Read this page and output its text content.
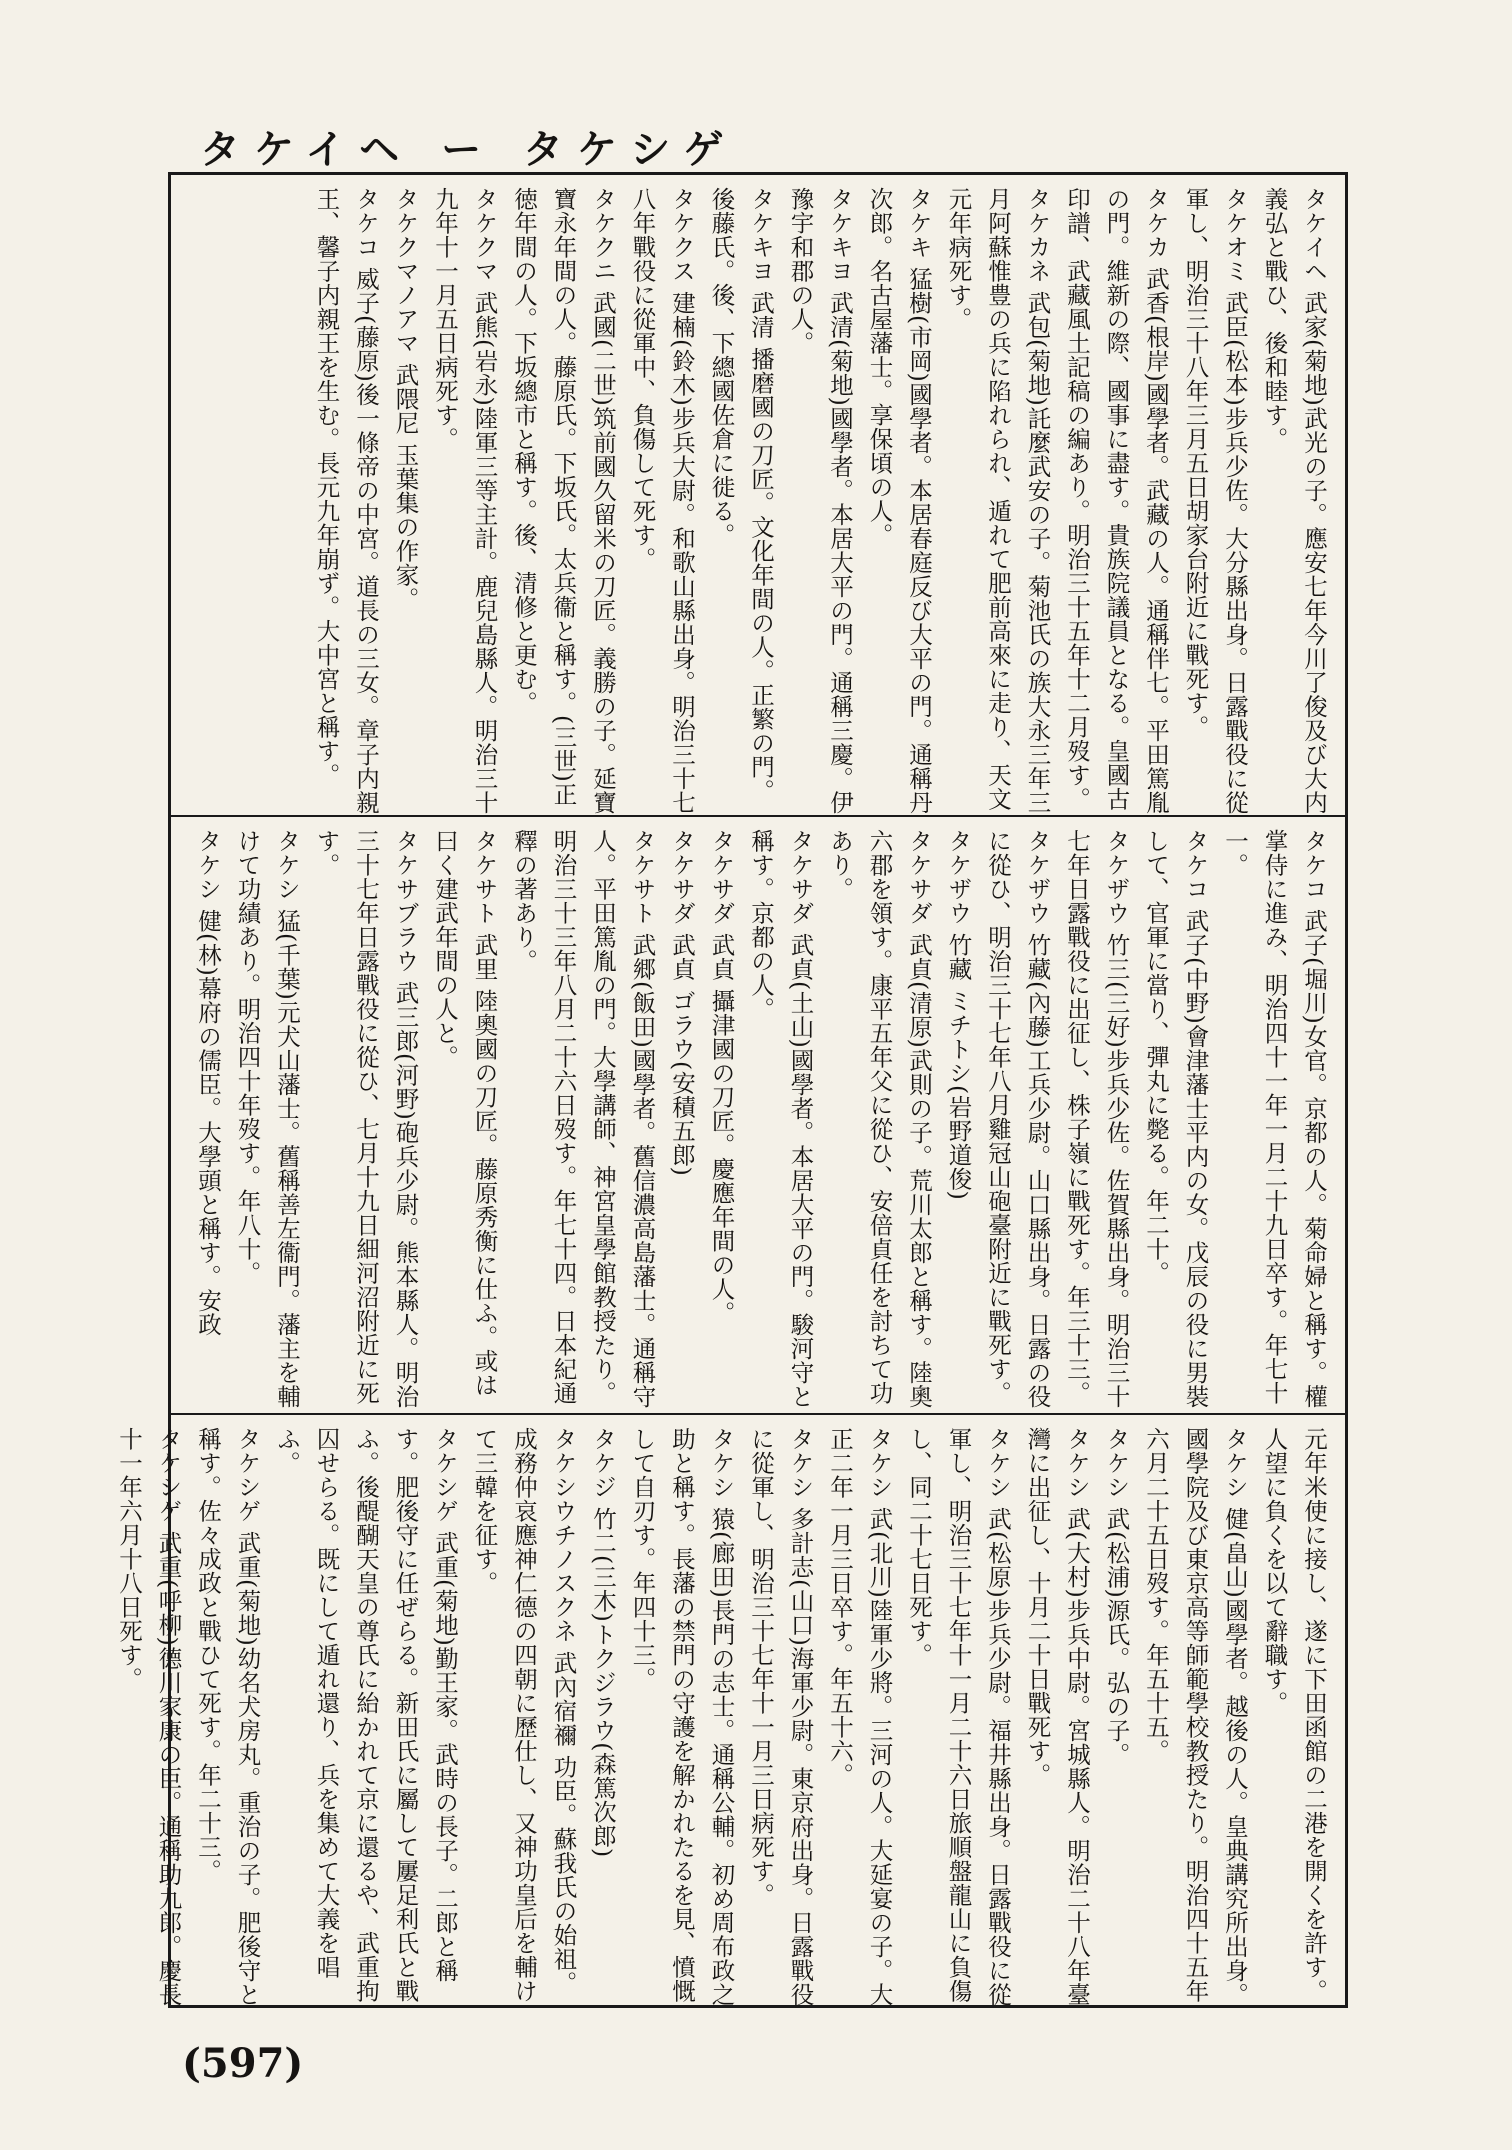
タケイヘ ー タケシゲ
タケイヘ 武家(菊地)武光の子。應安七年今川了俊及び大内義弘と戰ひ、後和睦す。
タケオミ 武臣(松本)步兵少佐。大分縣出身。日露戰役に從軍し、明治三十八年三月五日胡家台附近に戰死す。
タケカ 武香(根岸)國學者。武藏の人。通稱伴七。平田篤胤の門。維新の際、國事に盡す。貴族院議員となる。皇國古印譜、武藏風土記稿の編あり。明治三十五年十二月歿す。
タケカネ 武包(菊地)託麼武安の子。菊池氏の族大永三年三月阿蘇惟豊の兵に陷れられ、遁れて肥前高來に走り、天文元年病死す。
タケキ 猛樹(市岡)國學者。本居春庭反び大平の門。通稱丹次郎。名古屋藩士。享保頃の人。
タケキヨ 武清(菊地)國學者。本居大平の門。通稱三慶。伊豫宇和郡の人。
タケキヨ 武清 播磨國の刀匠。文化年間の人。正繁の門。後藤氏。後、下總國佐倉に徙る。
タケクス 建楠(鈴木)步兵大尉。和歌山縣出身。明治三十七八年戰役に從軍中、負傷して死す。
タケクニ 武國(二世)筑前國久留米の刀匠。義勝の子。延寶寶永年間の人。藤原氏。下坂氏。太兵衞と稱す。(三世)正徳年間の人。下坂總市と稱す。後、清修と更む。
タケクマ 武熊(岩永)陸軍三等主計。鹿兒島縣人。明治三十九年十一月五日病死す。
タケクマノアマ 武隈尼 玉葉集の作家。
タケコ 威子(藤原)後一條帝の中宮。道長の三女。章子内親王、馨子内親王を生む。長元九年崩ず。大中宮と稱す。
タケコ 武子(堀川)女官。京都の人。菊命婦と稱す。權掌侍に進み、明治四十一年一月二十九日卒す。年七十一。
タケコ 武子(中野)會津藩士平内の女。戊辰の役に男裝して、官軍に當り、彈丸に斃る。年二十。
タケザウ 竹三(三好)步兵少佐。佐賀縣出身。明治三十七年日露戰役に出征し、株子嶺に戰死す。年三十三。
タケザウ 竹藏(內藤)工兵少尉。山口縣出身。日露の役に從ひ、明治三十七年八月雞冠山砲臺附近に戰死す。
タケザウ 竹藏 ミチトシ(岩野道俊)
タケサダ 武貞(清原)武則の子。荒川太郎と稱す。陸奧六郡を領す。康平五年父に從ひ、安倍貞任を討ちて功あり。
タケサダ 武貞(土山)國學者。本居大平の門。駿河守と稱す。京都の人。
タケサダ 武貞 攝津國の刀匠。慶應年間の人。
タケサダ 武貞 ゴラウ(安積五郎)
タケサト 武郷(飯田)國學者。舊信濃高島藩士。通稱守人。平田篤胤の門。大學講師、神宮皇學館教授たり。明治三十三年八月二十六日歿す。年七十四。日本紀通釋の著あり。
タケサト 武里 陸奧國の刀匠。藤原秀衡に仕ふ。或は曰く建武年間の人と。
タケサブラウ 武三郎(河野)砲兵少尉。熊本縣人。明治三十七年日露戰役に從ひ、七月十九日細河沼附近に死す。
タケシ 猛(千葉)元犬山藩士。舊稱善左衞門。藩主を輔けて功績あり。明治四十年歿す。年八十。
タケシ 健(林)幕府の儒臣。大學頭と稱す。安政
元年米使に接し、遂に下田函館の二港を開くを許す。人望に負くを以て辭職す。
タケシ 健(畠山)國學者。越後の人。皇典講究所出身。國學院及び東京高等師範學校教授たり。明治四十五年六月二十五日歿す。年五十五。
タケシ 武(松浦)源氏。弘の子。
タケシ 武(大村)步兵中尉。宮城縣人。明治二十八年臺灣に出征し、十月二十日戰死す。
タケシ 武(松原)步兵少尉。福井縣出身。日露戰役に從軍し、明治三十七年十一月二十六日旅順盤龍山に負傷し、同二十七日死す。
タケシ 武(北川)陸軍少將。三河の人。大延宴の子。大正二年一月三日卒す。年五十六。
タケシ 多計志(山口)海軍少尉。東京府出身。日露戰役に從軍し、明治三十七年十一月三日病死す。
タケシ 猿(廊田)長門の志士。通稱公輔。初め周布政之助と稱す。長藩の禁門の守護を解かれたるを見、憤慨して自刃す。年四十三。
タケジ 竹二(三木)トクジラウ(森篤次郎)
タケシウチノスクネ 武內宿禰 功臣。蘇我氏の始祖。成務仲哀應神仁德の四朝に歷仕し、又神功皇后を輔けて三韓を征す。
タケシゲ 武重(菊地)勤王家。武時の長子。二郎と稱す。肥後守に任ぜらる。新田氏に屬して屢足利氏と戰ふ。後醍醐天皇の尊氏に紿かれて京に還るや、武重拘囚せらる。既にして遁れ還り、兵を集めて大義を唱ふ。
タケシゲ 武重(菊地)幼名犬房丸。重治の子。肥後守と稱す。佐々成政と戰ひて死す。年二十三。
タケシゲ 武重(呼柳)德川家康の臣。通稱助九郎。慶長十一年六月十八日死す。
(597)
